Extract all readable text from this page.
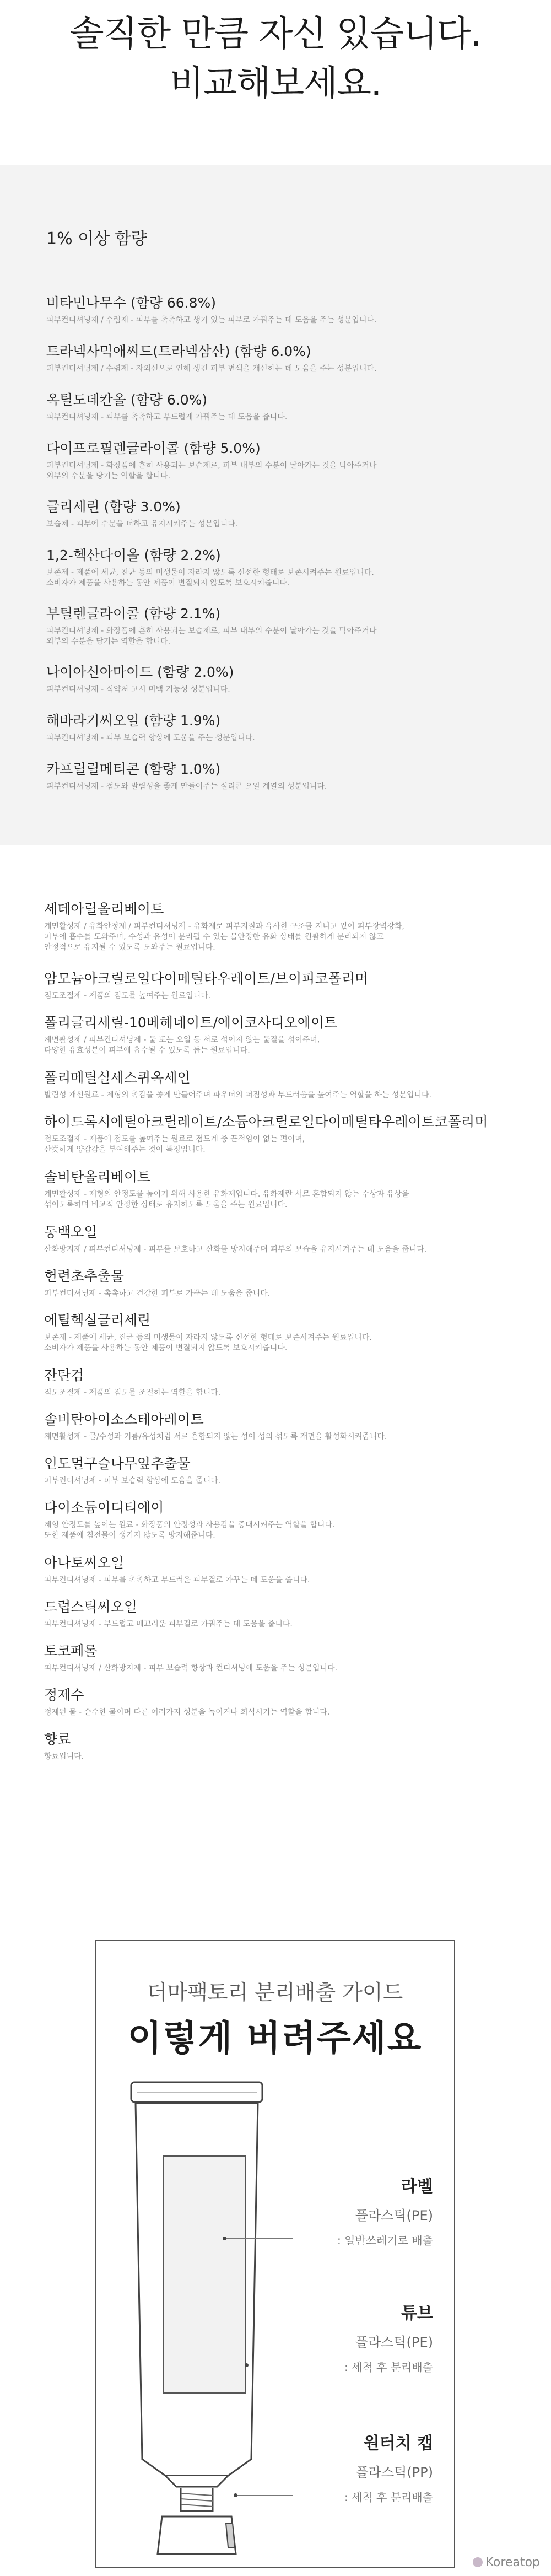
솔직한 만큼 자신 있습니다.
비교해보세요.
1% 이상 함량
비타민나무수 (함량 66.8%)
피부컨디셔닝제 / 수렴제 - 피부를 촉촉하고 생기 있는 피부로 가꿔주는 데 도움을 주는 성분입니다.
트라넥사믹애씨드(트라넥삼산) (함량 6.0%)
피부컨디셔닝제 / 수렴제 - 자외선으로 인해 생긴 피부 변색을 개선하는 데 도움을 주는 성분입니다.
옥틸도데칸올 (함량 6.0%)
피부컨디셔닝제 - 피부를 촉촉하고 부드럽게 가꿔주는 데 도움을 줍니다.
다이프로필렌글라이콜 (함량 5.0%)
피부컨디셔닝제 - 화장품에 흔히 사용되는 보습제로, 피부 내부의 수분이 날아가는 것을 막아주거나
외부의 수분을 당기는 역할을 합니다.
글리세린 (함량 3.0%)
보습제 - 피부에 수분을 더하고 유지시켜주는 성분입니다.
1,2-헥산다이올 (함량 2.2%)
보존제 - 제품에 세균, 진균 등의 미생물이 자라지 않도록 신선한 형태로 보존시켜주는 원료입니다.
소비자가 제품을 사용하는 동안 제품이 변질되지 않도록 보호시켜줍니다.
부틸렌글라이콜 (함량 2.1%)
피부컨디셔닝제 - 화장품에 흔히 사용되는 보습제로, 피부 내부의 수분이 날아가는 것을 막아주거나
외부의 수분을 당기는 역할을 합니다.
나이아신아마이드 (함량 2.0%)
피부컨디셔닝제 - 식약처 고시 미백 기능성 성분입니다.
해바라기씨오일 (함량 1.9%)
피부컨디셔닝제 - 피부 보습력 향상에 도움을 주는 성분입니다.
카프릴릴메티콘 (함량 1.0%)
피부컨디셔닝제 - 점도와 발림성을 좋게 만들어주는 실리콘 오일 계열의 성분입니다.
세테아릴올리베이트
계면활성제 / 유화안정제 / 피부컨디셔닝제 - 유화제로 피부지질과 유사한 구조를 지니고 있어 피부장벽강화,
피부에 흡수를 도와주며, 수성과 유성이 분리될 수 있는 불안정한 유화 상태를 원활하게 분리되지 않고
안정적으로 유지될 수 있도록 도와주는 원료입니다.
암모늄아크릴로일다이메틸타우레이트/브이피코폴리머
점도조절제 - 제품의 점도를 높여주는 원료입니다.
폴리글리세릴-10베헤네이트/에이코사디오에이트
계면활성제 / 피부컨디셔닝제 - 물 또는 오일 등 서로 섞이지 않는 물질을 섞이주며,
다양한 유효성분이 피부에 흡수될 수 있도록 돕는 원료입니다.
폴리메틸실세스퀴옥세인
발림성 개선원료 - 제형의 촉감을 좋게 만들어주며 파우더의 퍼짐성과 부드러움을 높여주는 역할을 하는 성분입니다.
하이드록시에틸아크릴레이트/소듐아크릴로일다이메틸타우레이트코폴리머
점도조절제 - 제품에 점도를 높여주는 원료로 점도계 중 끈적임이 없는 편이며,
산뜻하게 양감감을 부여해주는 것이 특징입니다.
솔비탄올리베이트
계면활성제 - 제형의 안정도를 높이기 위해 사용한 유화제입니다. 유화제란 서로 혼합되지 않는 수상과 유상을
섞이도록하며 비교적 안정한 상태로 유지하도록 도움을 주는 원료입니다.
동백오일
산화방지제 / 피부컨디셔닝제 - 피부를 보호하고 산화를 방지해주며 피부의 보습을 유지시켜주는 데 도움을 줍니다.
헌련초추출물
피부컨디셔닝제 - 촉촉하고 건강한 피부로 가꾸는 데 도움을 줍니다.
에틸헥실글리세린
보존제 - 제품에 세균, 진균 등의 미생물이 자라지 않도록 신선한 형태로 보존시켜주는 원료입니다.
소비자가 제품을 사용하는 동안 제품이 변질되지 않도록 보호시켜줍니다.
잔탄검
점도조절제 - 제품의 점도를 조절하는 역할을 합니다.
솔비탄아이소스테아레이트
계면활성제 - 물/수성과 기름/유성처럼 서로 혼합되지 않는 성이 성의 섞도록 개면을 활성화시켜줍니다.
인도멀구슬나무잎추출물
피부컨디셔닝제 - 피부 보습력 향상에 도움을 줍니다.
다이소듐이디티에이
제형 안정도를 높이는 원료 - 화장품의 안정성과 사용감을 증대시켜주는 역할을 합니다.
또한 제품에 침전물이 생기지 않도록 방지해줍니다.
아나토씨오일
피부컨디셔닝제 - 피부를 촉촉하고 부드러운 피부결로 가꾸는 데 도움을 줍니다.
드럽스틱씨오일
피부컨디셔닝제 - 부드럽고 매끄러운 피부결로 가꿔주는 데 도움을 줍니다.
토코페롤
피부컨디셔닝제 / 산화방지제 - 피부 보습력 향상과 컨디셔닝에 도움을 주는 성분입니다.
정제수
정제된 물 - 순수한 물이며 다른 여러가지 성분을 녹이거나 희석시키는 역할을 합니다.
향료
향료입니다.
더마팩토리 분리배출 가이드
이렇게 버려주세요
라벨
플라스틱(PE)
: 일반쓰레기로 배출
튜브
플라스틱(PE)
: 세척 후 분리배출
원터치 캡
플라스틱(PP)
: 세척 후 분리배출
Koreatop
